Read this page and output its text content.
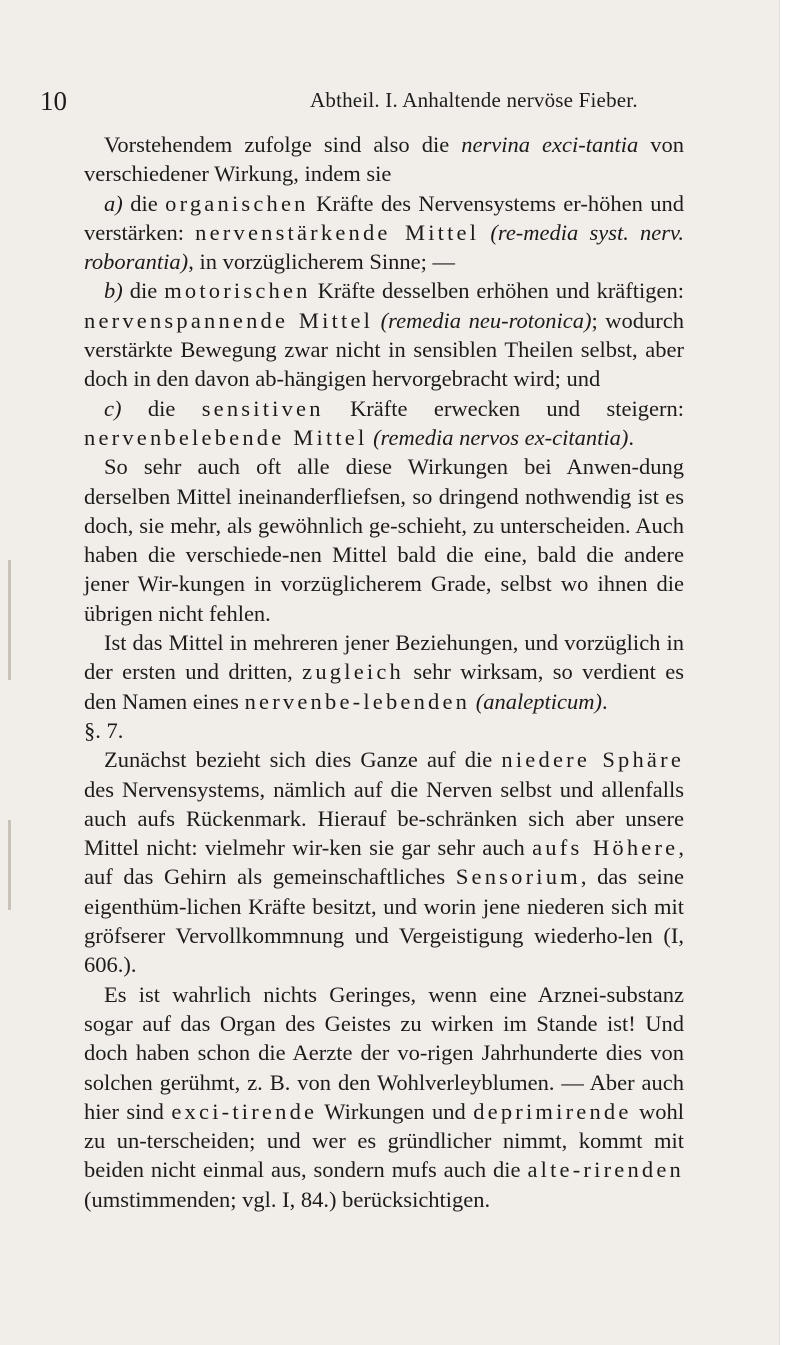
10	Abtheil. I. Anhaltende nervöse Fieber.

Vorstehendem zufolge sind also die nervina exci-tantia von verschiedener Wirkung, indem sie

a) die organischen Kräfte des Nervensystems er-höhen und verstärken: nervenstärkende Mittel (re-media syst. nerv. roborantia), in vorzüglicherem Sinne; —

b) die motorischen Kräfte desselben erhöhen und kräftigen: nervenspannende Mittel (remedia neu-rotonica); wodurch verstärkte Bewegung zwar nicht in sensiblen Theilen selbst, aber doch in den davon ab-hängigen hervorgebracht wird; und

c) die sensitiven Kräfte erwecken und steigern: nervenbelebende Mittel (remedia nervos ex-citantia).

So sehr auch oft alle diese Wirkungen bei Anwen-dung derselben Mittel ineinanderfliefsen, so dringend nothwendig ist es doch, sie mehr, als gewöhnlich ge-schieht, zu unterscheiden. Auch haben die verschiede-nen Mittel bald die eine, bald die andere jener Wir-kungen in vorzüglicherem Grade, selbst wo ihnen die übrigen nicht fehlen.

Ist das Mittel in mehreren jener Beziehungen, und vorzüglich in der ersten und dritten, zugleich sehr wirksam, so verdient es den Namen eines nervenbe-lebenden (analepticum).

§. 7.

Zunächst bezieht sich dies Ganze auf die niedere Sphäre des Nervensystems, nämlich auf die Nerven selbst und allenfalls auch aufs Rückenmark. Hierauf be-schränken sich aber unsere Mittel nicht: vielmehr wir-ken sie gar sehr auch aufs Höhere, auf das Gehirn als gemeinschaftliches Sensorium, das seine eigenthüm-lichen Kräfte besitzt, und worin jene niederen sich mit gröfserer Vervollkommnung und Vergeistigung wiederho-len (I, 606.).

Es ist wahrlich nichts Geringes, wenn eine Arznei-substanz sogar auf das Organ des Geistes zu wirken im Stande ist! Und doch haben schon die Aerzte der vo-rigen Jahrhunderte dies von solchen gerühmt, z. B. von den Wohlverleyblumen. — Aber auch hier sind exci-tirende Wirkungen und deprimirende wohl zu un-terscheiden; und wer es gründlicher nimmt, kommt mit beiden nicht einmal aus, sondern mufs auch die alte-rirenden (umstimmenden; vgl. I, 84.) berücksichtigen.
